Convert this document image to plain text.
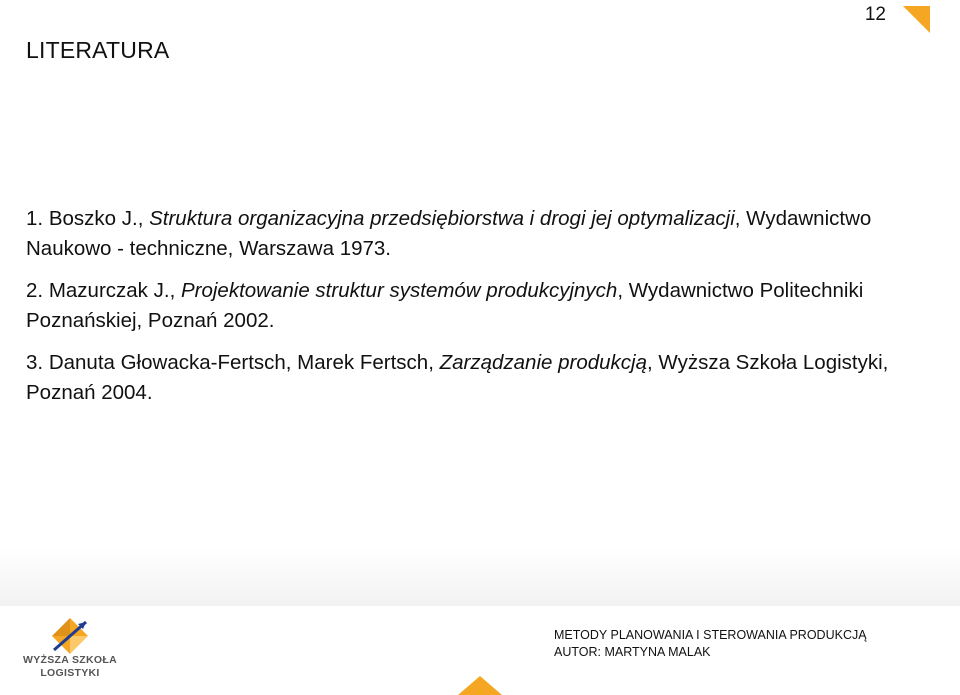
12
LITERATURA
1. Boszko J., Struktura organizacyjna przedsiębiorstwa i drogi jej optymalizacji, Wydawnictwo Naukowo - techniczne, Warszawa 1973.
2. Mazurczak J., Projektowanie struktur systemów produkcyjnych, Wydawnictwo Politechniki Poznańskiej, Poznań 2002.
3. Danuta Głowacka-Fertsch, Marek Fertsch, Zarządzanie produkcją, Wyższa Szkoła Logistyki, Poznań 2004.
WYŻSZA SZKOŁA
LOGISTYKI
METODY PLANOWANIA I STEROWANIA PRODUKCJĄ
AUTOR: MARTYNA MALAK
